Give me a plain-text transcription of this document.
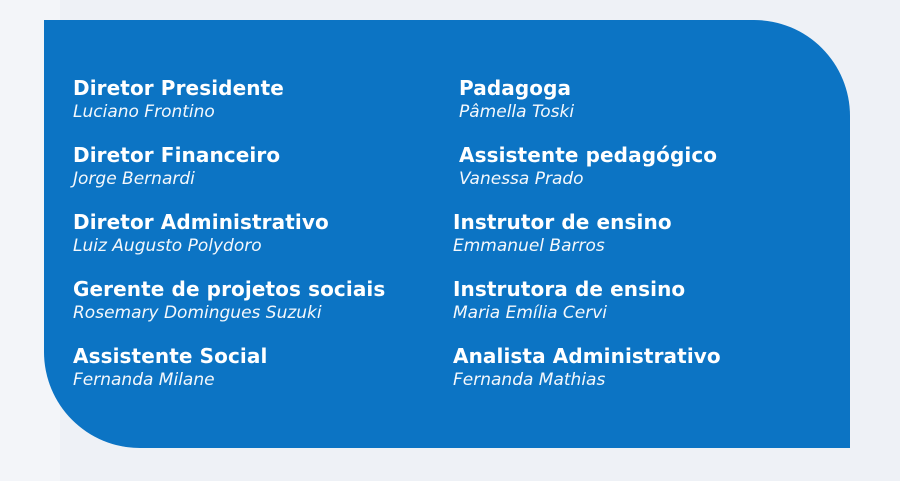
Diretor Presidente
Luciano Frontino
Diretor Financeiro
Jorge Bernardi
Diretor Administrativo
Luiz Augusto Polydoro
Gerente de projetos sociais
Rosemary Domingues Suzuki
Assistente Social
Fernanda Milane
Padagoga
Pâmella Toski
Assistente pedagógico
Vanessa Prado
Instrutor de ensino
Emmanuel Barros
Instrutora de ensino
Maria Emília Cervi
Analista Administrativo
Fernanda Mathias
